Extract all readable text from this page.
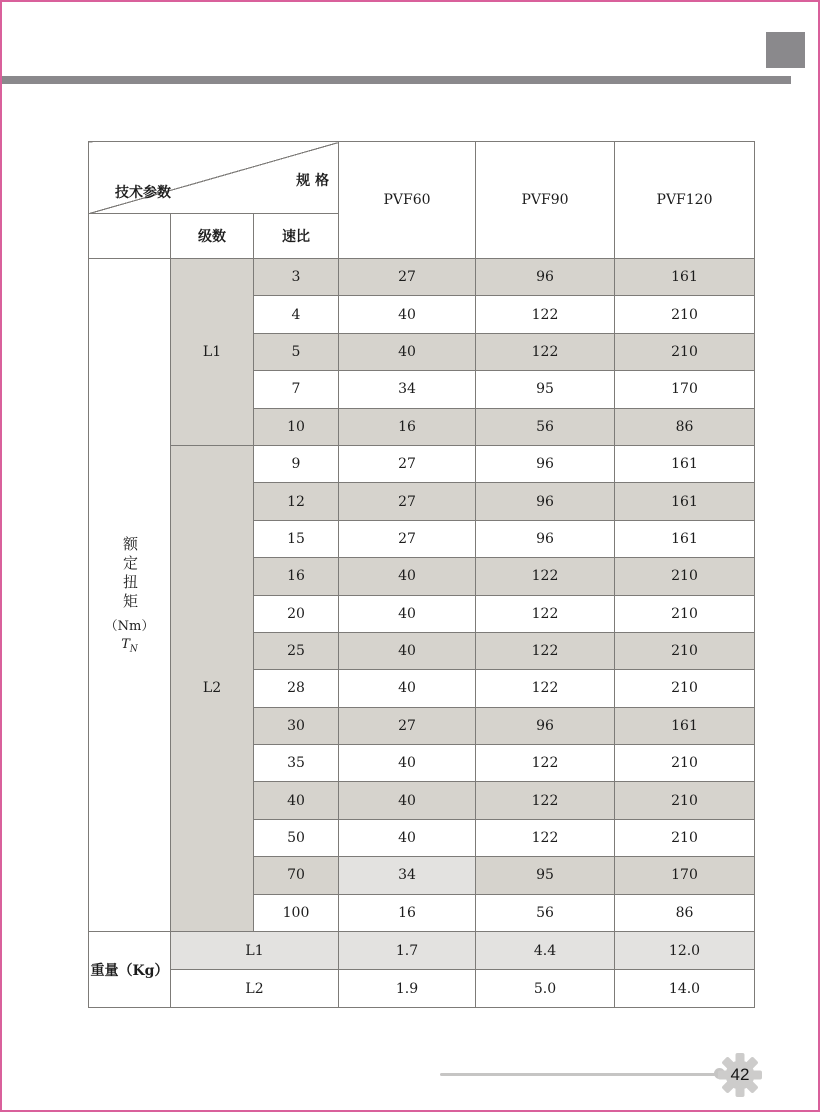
规 格
技术参数			PVF60	PVF90	PVF120
	级数	速比			

额定扭矩
（Nm）
$T_N$	L1	3	27	96	161
		4	40	122	210
		5	40	122	210
		7	34	95	170
		10	16	56	86
	L2	9	27	96	161
		12	27	96	161
		15	27	96	161
		16	40	122	210
		20	40	122	210
		25	40	122	210
		28	40	122	210
		30	27	96	161
		35	40	122	210
		40	40	122	210
		50	40	122	210
		70	34	95	170
		100	16	56	86
重量（Kg）	L1		1.7	4.4	12.0
	L2		1.9	5.0	14.0
42
